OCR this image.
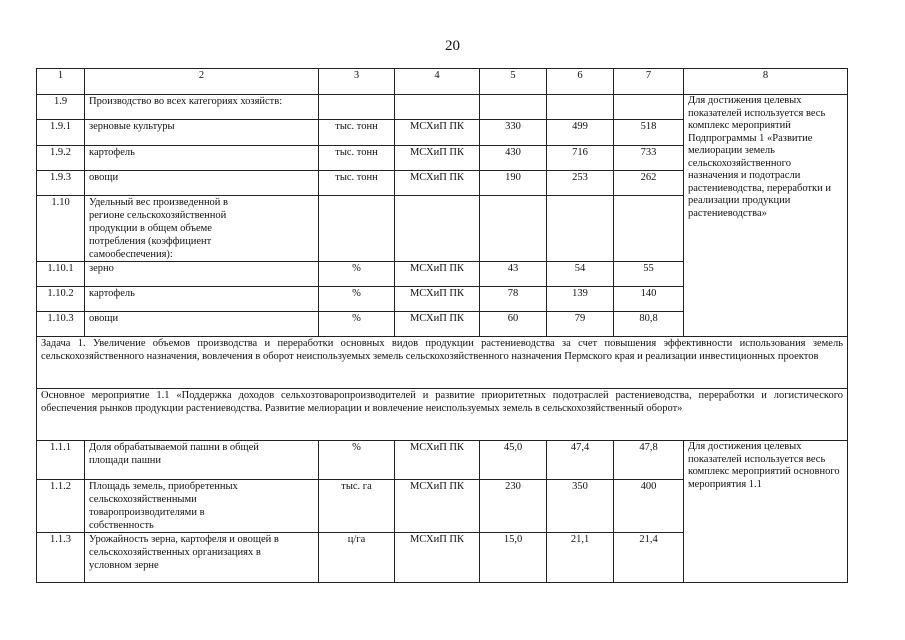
20
1	2	3	4	5	6	7	8
1.9	Производство во всех категориях хозяйств:						Для достижения целевых показателей используется весь комплекс мероприятий Подпрограммы 1 «Развитие мелиорации земель сельскохозяйственного назначения и подотрасли растениеводства, переработки и реализации продукции растениеводства»
1.9.1	зерновые культуры	тыс. тонн	МСХиП ПК	330	499	518	
1.9.2	картофель	тыс. тонн	МСХиП ПК	430	716	733	
1.9.3	овощи	тыс. тонн	МСХиП ПК	190	253	262	
1.10	Удельный вес произведенной в регионе сельскохозяйственной продукции в общем объеме потребления (коэффициент самообеспечения):						
1.10.1	зерно	%	МСХиП ПК	43	54	55	
1.10.2	картофель	%	МСХиП ПК	78	139	140	
1.10.3	овощи	%	МСХиП ПК	60	79	80,8	
Задача 1. Увеличение объемов производства и переработки основных видов продукции растениеводства за счет повышения эффективности использования земель сельскохозяйственного назначения, вовлечения в оборот неиспользуемых земель сельскохозяйственного назначения Пермского края и реализации инвестиционных проектов							
Основное мероприятие 1.1 «Поддержка доходов сельхозтоваропроизводителей и развитие приоритетных подотраслей растениеводства, переработки и логистического обеспечения рынков продукции растениеводства. Развитие мелиорации и вовлечение неиспользуемых земель в сельскохозяйственный оборот»							
1.1.1	Доля обрабатываемой пашни в общей площади пашни	%	МСХиП ПК	45,0	47,4	47,8	Для достижения целевых показателей используется весь комплекс мероприятий основного мероприятия 1.1
1.1.2	Площадь земель, приобретенных сельскохозяйственными товаропроизводителями в собственность	тыс. га	МСХиП ПК	230	350	400	
1.1.3	Урожайность зерна, картофеля и овощей в сельскохозяйственных организациях в условном зерне	ц/га	МСХиП ПК	15,0	21,1	21,4	
